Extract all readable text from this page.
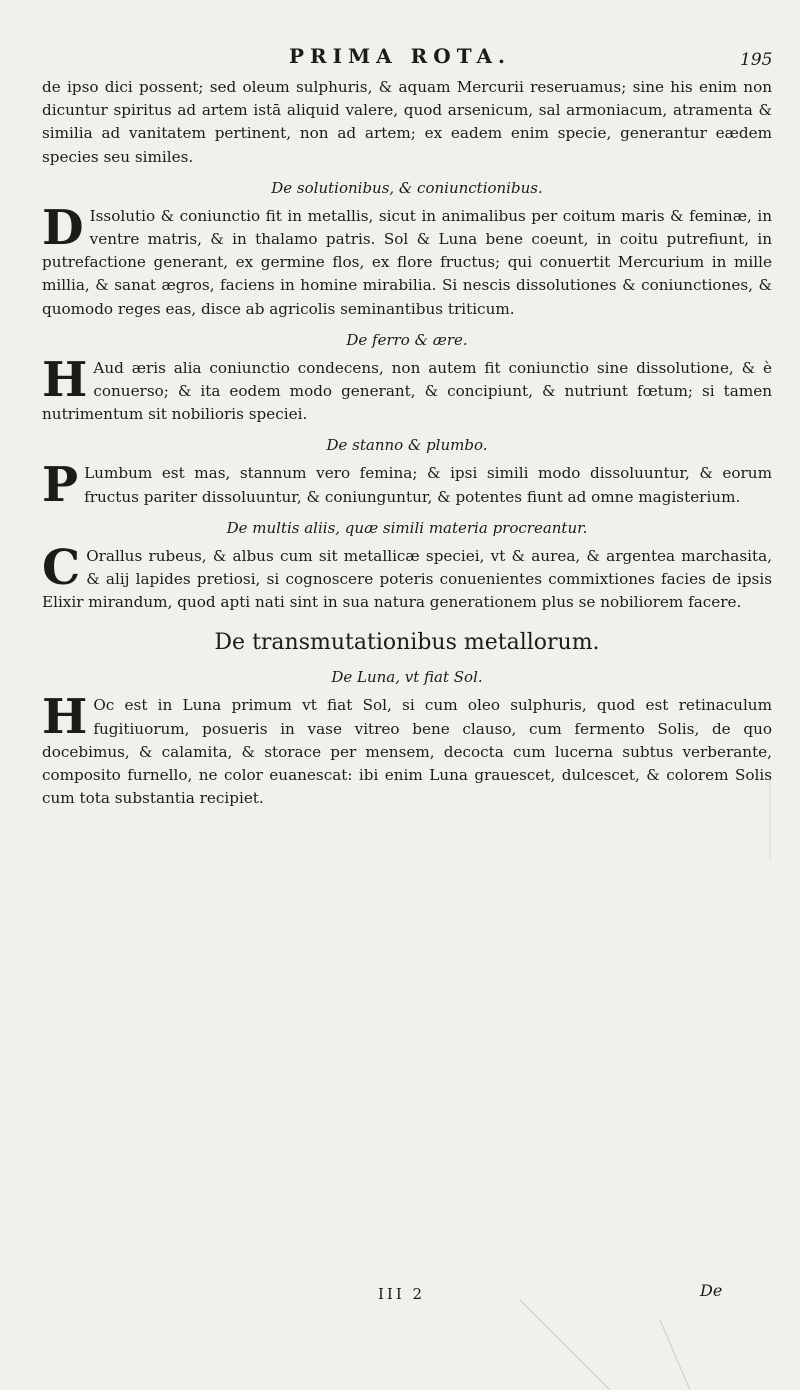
PRIMA ROTA.	195

de ipso dici possent; sed oleum sulphuris, & aquam Mercurii reseruamus; sine his enim non dicuntur spiritus ad artem istā aliquid valere, quod arsenicum, sal armoniacum, atramenta & similia ad vanitatem pertinent, non ad artem; ex eadem enim specie, generantur eædem species seu similes.

De solutionibus, & coniunctionibus.

D Issolutio & coniunctio fit in metallis, sicut in animalibus per coitum maris & feminæ, in ventre matris, & in thalamo patris. Sol & Luna bene coeunt, in coitu putrefiunt, in putrefactione generant, ex germine flos, ex flore fructus; qui conuertit Mercurium in mille millia, & sanat ægros, faciens in homine mirabilia. Si nescis dissolutiones & coniunctiones, & quomodo reges eas, disce ab agricolis seminantibus triticum.

De ferro & ære.

H Aud æris alia coniunctio condecens, non autem fit coniunctio sine dissolutione, & è conuerso; & ita eodem modo generant, & concipiunt, & nutriunt fœtum; si tamen nutrimentum sit nobilioris speciei.

De stanno & plumbo.

P Lumbum est mas, stannum vero femina; & ipsi simili modo dissoluuntur, & eorum fructus pariter dissoluuntur, & coniunguntur, & potentes fiunt ad omne magisterium.

De multis aliis, quæ simili materia procreantur.

C Orallus rubeus, & albus cum sit metallicæ speciei, vt & aurea, & argentea marchasita, & alij lapides pretiosi, si cognoscere poteris conuenientes commixtiones facies de ipsis Elixir mirandum, quod apti nati sint in sua natura generationem plus se nobiliorem facere.

De transmutationibus metallorum.
De Luna, vt fiat Sol.

H Oc est in Luna primum vt fiat Sol, si cum oleo sulphuris, quod est retinaculum fugitiuorum, posueris in vase vitreo bene clauso, cum fermento Solis, de quo docebimus, & calamita, & storace per mensem, decocta cum lucerna subtus verberante, composito furnello, ne color euanescat: ibi enim Luna grauescet, dulcescet, & colorem Solis cum tota substantia recipiet.

III 2	De
